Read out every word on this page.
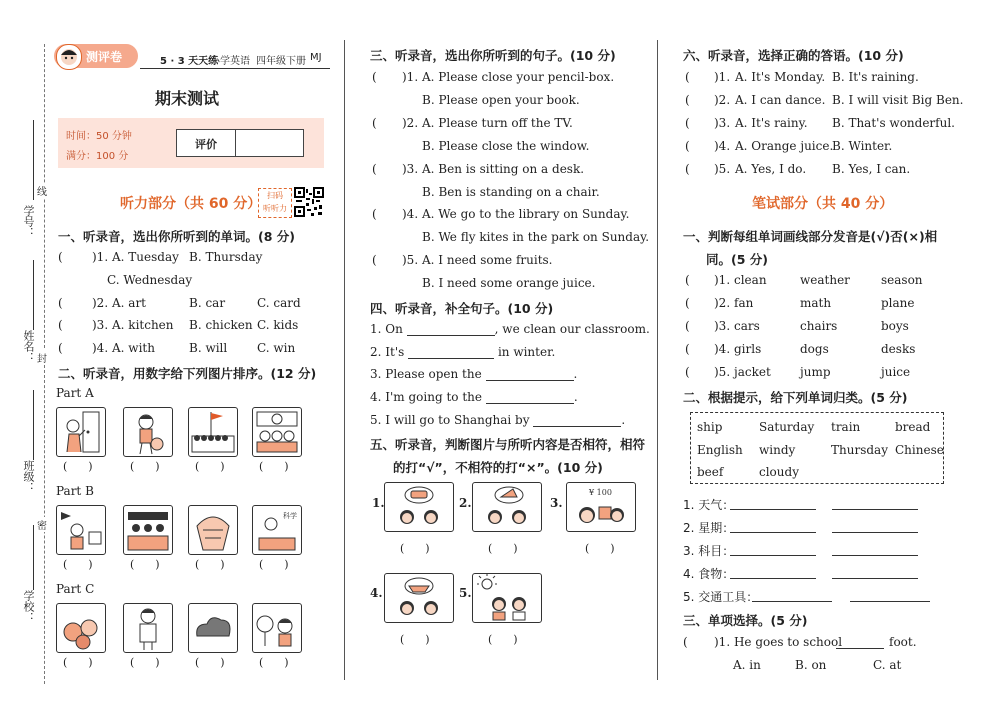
学号：
线
姓名： 封
班级：
密
学校：
测评卷	5 · 3 天天练
小学英语 四年级下册 MJ
期末测试
时间：50 分钟
满分：100 分
评价
听力部分（共 60 分）
扫码
听听力
一、听录音，选出你所听到的单词。(8 分)
( )1. A. Tuesday B. Thursday
C. Wednesday
( )2. A. art	B. car	C. card
( )3. A. kitchen B. chicken C. kids
( )4. A. with	B. will C. win
二、听录音，用数字给下列图片排序。(12 分)
Part A
(      )	(      )	(      )	(      )
Part B
科学
(      )	(      )	(      )	(      )
Part C
(      )	(      )	(      )	(      )
三、听录音，选出你所听到的句子。(10 分)
( )1. A. Please close your pencil-box.
B. Please open your book.
( )2. A. Please turn off the TV.
B. Please close the window.
( )3. A. Ben is sitting on a desk.
B. Ben is standing on a chair.
( )4. A. We go to the library on Sunday.
B. We fly kites in the park on Sunday.
( )5. A. I need some fruits.
B. I need some orange juice.
四、听录音，补全句子。(10 分)
1. On	, we clean our classroom.
2. It's	in winter.
3. Please open the	.
4. I'm going to the	.
5. I will go to Shanghai by	.
五、听录音，判断图片与所听内容是否相符，相符
的打“√”，不相符的打“×”。(10 分)
1.
(      )
2.
(      )
3.
¥ 100
(      )
4.
(      )
5.
(      )
六、听录音，选择正确的答语。(10 分)
( )1. A. It's Monday. B. It's raining.
( )2. A. I can dance. B. I will visit Big Ben.
( )3. A. It's rainy. B. That's wonderful.
( )4. A. Orange juice.
B. Winter.
( )5. A. Yes, I do. B. Yes, I can.
笔试部分（共 40 分）
一、判断每组单词画线部分发音是(√)否(×)相
同。(5 分)
( )1. clean	weather	season
( )2. fan	math	plane
( )3. cars	chairs	boys
( )4. girls	dogs	desks
( )5. jacket jump	juice
二、根据提示，给下列单词归类。(5 分)
ship	Saturday train	bread
English windy	Thursday Chinese
beef	cloudy
1. 天气：
2. 星期：
3. 科目：
4. 食物：
5. 交通工具：
三、单项选择。(5 分)
( )1. He goes to school	foot.
A. in	B. on	C. at
